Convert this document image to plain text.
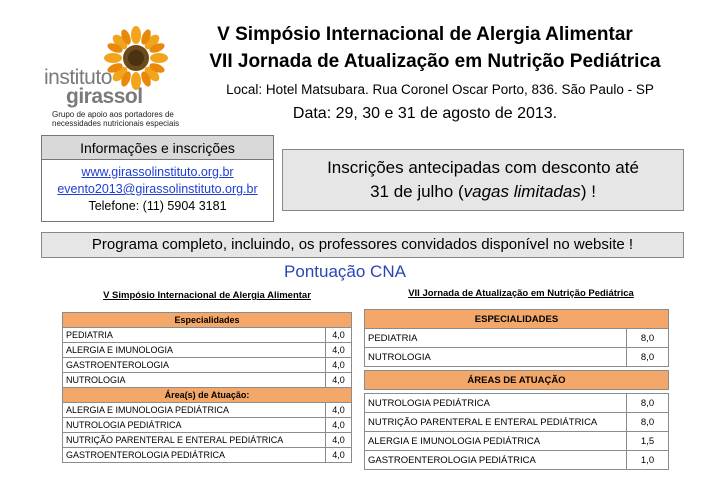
instituto
girassol
Grupo de apoio aos portadores de necessidades nutricionais especiais
V Simpósio Internacional de Alergia Alimentar
VII Jornada de Atualização em Nutrição Pediátrica
Local: Hotel Matsubara. Rua Coronel Oscar Porto, 836. São Paulo - SP
Data: 29, 30 e 31 de agosto de 2013.
Informações e inscrições
www.girassolinstituto.org.br
evento2013@girassolinstituto.org.br
Telefone: (11) 5904 3181
Inscrições antecipadas com desconto até
31 de julho (vagas limitadas) !
Programa completo, incluindo, os professores convidados disponível no website !
Pontuação CNA
V Simpósio Internacional de Alergia Alimentar
Especialidades	
PEDIATRIA	4,0
ALERGIA E IMUNOLOGIA	4,0
GASTROENTEROLOGIA	4,0
NUTROLOGIA	4,0
Área(s) de Atuação:	
ALERGIA E IMUNOLOGIA PEDIÁTRICA	4,0
NUTROLOGIA PEDIÁTRICA	4,0
NUTRIÇÃO PARENTERAL E ENTERAL PEDIÁTRICA	4,0
GASTROENTEROLOGIA PEDIÁTRICA	4,0
VII Jornada de Atualização em Nutrição Pediátrica
ESPECIALIDADES	
PEDIATRIA	8,0
NUTROLOGIA	8,0

ÁREAS DE ATUAÇÃO	

NUTROLOGIA PEDIÁTRICA	8,0
NUTRIÇÃO PARENTERAL E ENTERAL PEDIÁTRICA	8,0
ALERGIA E IMUNOLOGIA PEDIÁTRICA	1,5
GASTROENTEROLOGIA PEDIÁTRICA	1,0
